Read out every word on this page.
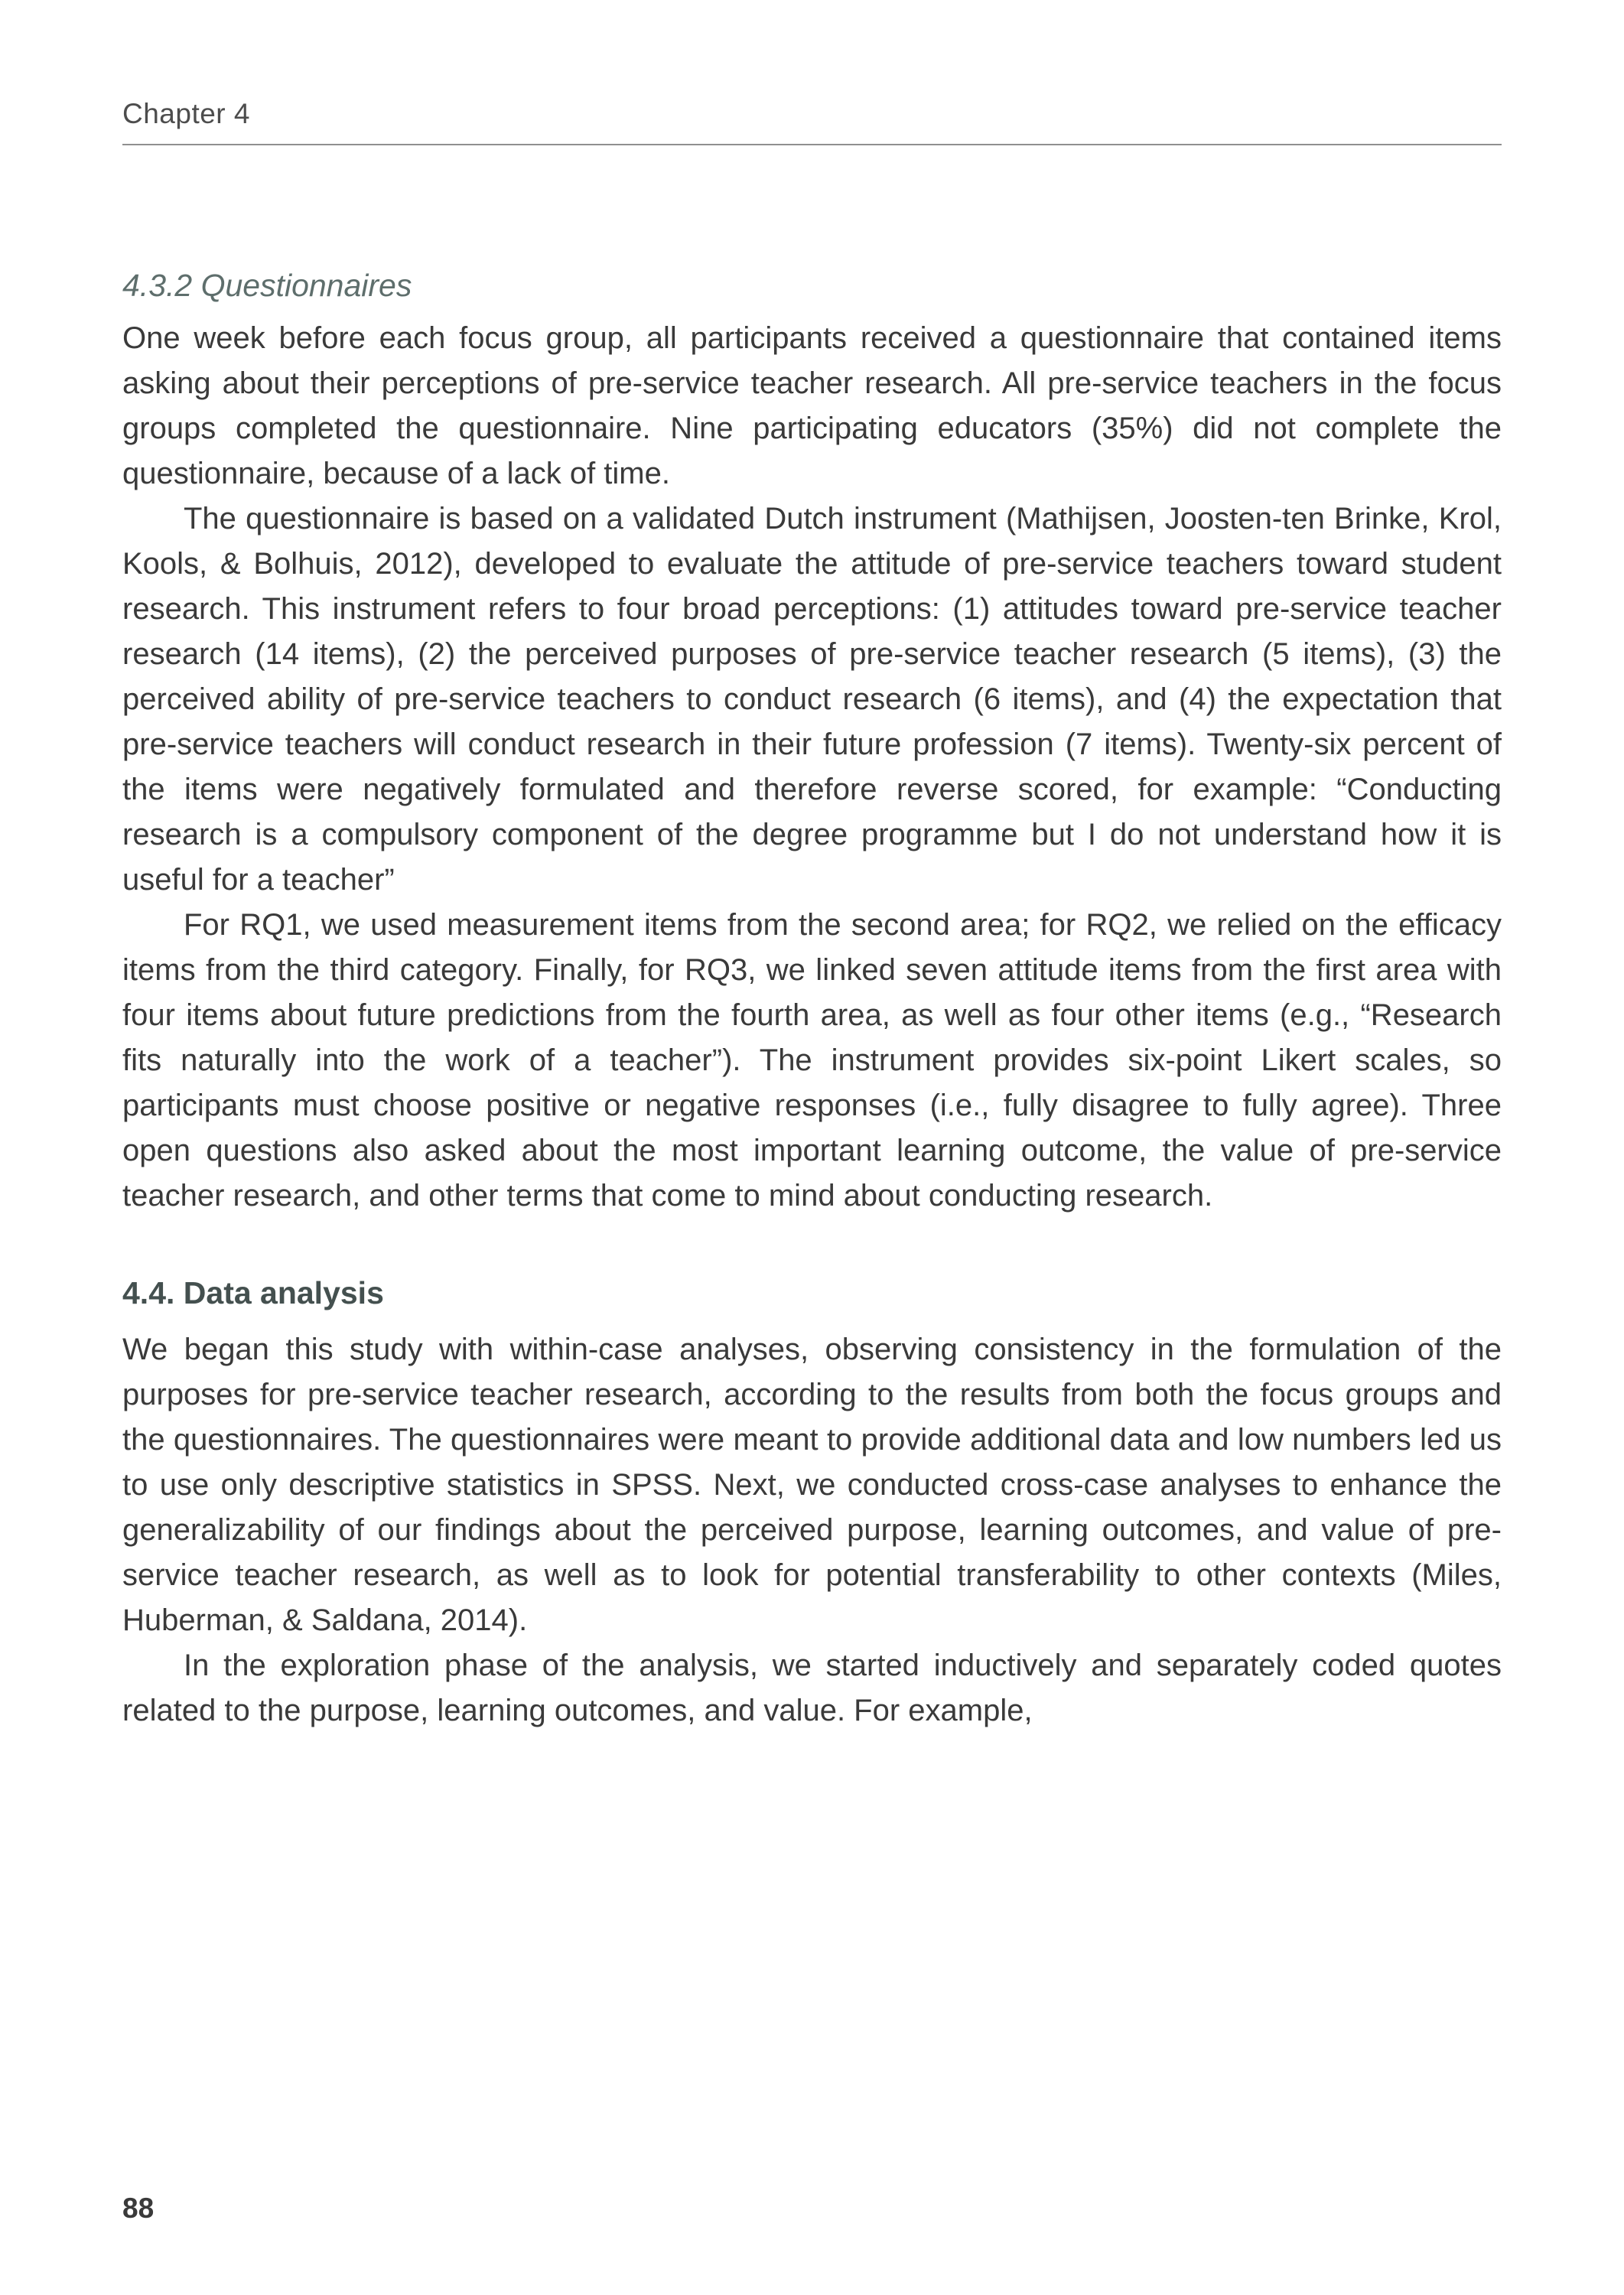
Chapter 4
4.3.2 Questionnaires

One week before each focus group, all participants received a questionnaire that contained items asking about their perceptions of pre-service teacher research. All pre-service teachers in the focus groups completed the questionnaire. Nine participating educators (35%) did not complete the questionnaire, because of a lack of time.

The questionnaire is based on a validated Dutch instrument (Mathijsen, Joosten-ten Brinke, Krol, Kools, & Bolhuis, 2012), developed to evaluate the attitude of pre-service teachers toward student research. This instrument refers to four broad perceptions: (1) attitudes toward pre-service teacher research (14 items), (2) the perceived purposes of pre-service teacher research (5 items), (3) the perceived ability of pre-service teachers to conduct research (6 items), and (4) the expectation that pre-service teachers will conduct research in their future profession (7 items). Twenty-six percent of the items were negatively formulated and therefore reverse scored, for example: “Conducting research is a compulsory component of the degree programme but I do not understand how it is useful for a teacher”

For RQ1, we used measurement items from the second area; for RQ2, we relied on the efficacy items from the third category. Finally, for RQ3, we linked seven attitude items from the first area with four items about future predictions from the fourth area, as well as four other items (e.g., “Research fits naturally into the work of a teacher”). The instrument provides six-point Likert scales, so participants must choose positive or negative responses (i.e., fully disagree to fully agree). Three open questions also asked about the most important learning outcome, the value of pre-service teacher research, and other terms that come to mind about conducting research.

4.4. Data analysis

We began this study with within-case analyses, observing consistency in the formulation of the purposes for pre-service teacher research, according to the results from both the focus groups and the questionnaires. The questionnaires were meant to provide additional data and low numbers led us to use only descriptive statistics in SPSS. Next, we conducted cross-case analyses to enhance the generalizability of our findings about the perceived purpose, learning outcomes, and value of pre-service teacher research, as well as to look for potential transferability to other contexts (Miles, Huberman, & Saldana, 2014).

In the exploration phase of the analysis, we started inductively and separately coded quotes related to the purpose, learning outcomes, and value. For example,

88
